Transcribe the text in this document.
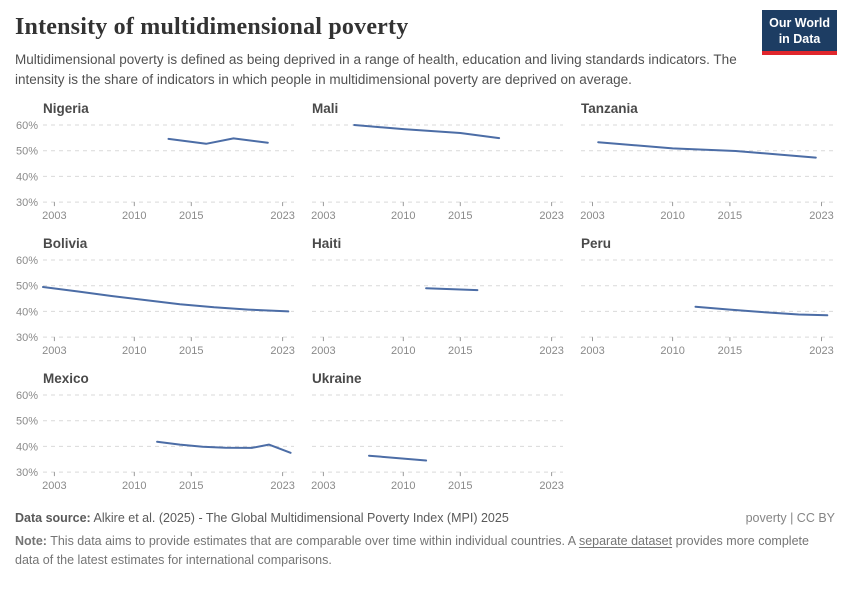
Intensity of multidimensional poverty

Multidimensional poverty is defined as being deprived in a range of health, education and living standards indicators. The intensity is the share of indicators in which people in multidimensional poverty are deprived on average.

Our World
in Data
Nigeria
60%
50%
40%
30%
2003	2010	2015	2023
Mali
2003	2010	2015	2023
Tanzania
2003	2010	2015	2023
Bolivia
60%
50%
40%
30%
2003	2010	2015	2023
Haiti
2003	2010	2015	2023
Peru
2003	2010	2015	2023
Mexico
60%
50%
40%
30%
2003	2010	2015	2023
Ukraine
2003	2010	2015	2023
Data source: Alkire et al. (2025) - The Global Multidimensional Poverty Index (MPI) 2025	poverty | CC BY
Note: This data aims to provide estimates that are comparable over time within individual countries. A separate dataset provides more complete data of the latest estimates for international comparisons.
